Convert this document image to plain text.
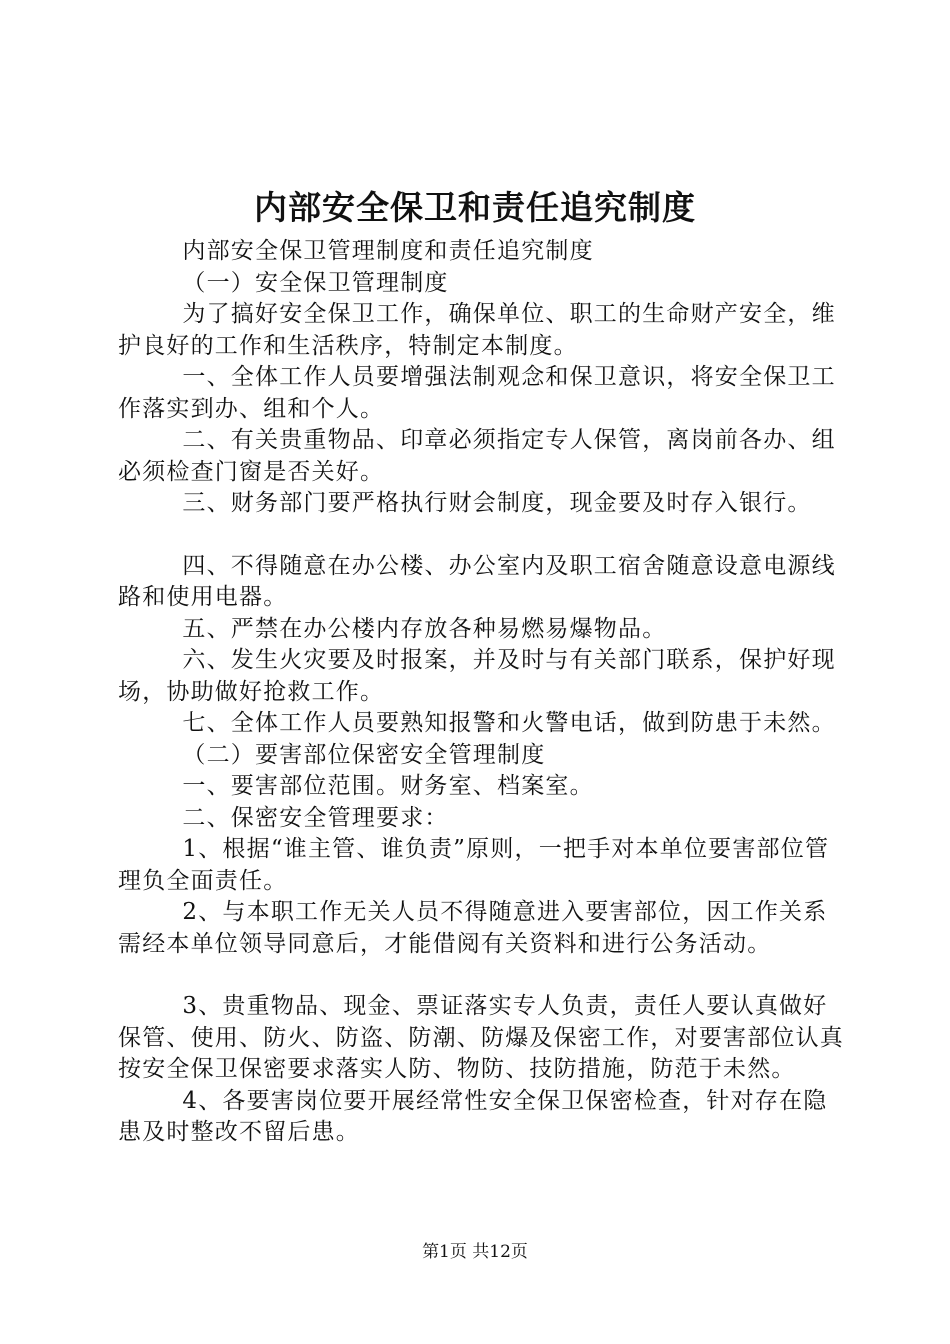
内部安全保卫和责任追究制度

内部安全保卫管理制度和责任追究制度

（一）安全保卫管理制度

为了搞好安全保卫工作，确保单位、职工的生命财产安全，维护良好的工作和生活秩序，特制定本制度。

一、全体工作人员要增强法制观念和保卫意识，将安全保卫工作落实到办、组和个人。

二、有关贵重物品、印章必须指定专人保管，离岗前各办、组必须检查门窗是否关好。

三、财务部门要严格执行财会制度，现金要及时存入银行。

四、不得随意在办公楼、办公室内及职工宿舍随意设意电源线路和使用电器。

五、严禁在办公楼内存放各种易燃易爆物品。

六、发生火灾要及时报案，并及时与有关部门联系，保护好现场，协助做好抢救工作。

七、全体工作人员要熟知报警和火警电话，做到防患于未然。

（二）要害部位保密安全管理制度

一、要害部位范围。财务室、档案室。

二、保密安全管理要求：

1、根据“谁主管、谁负责”原则，一把手对本单位要害部位管理负全面责任。

2、与本职工作无关人员不得随意进入要害部位，因工作关系需经本单位领导同意后，才能借阅有关资料和进行公务活动。

3、贵重物品、现金、票证落实专人负责，责任人要认真做好保管、使用、防火、防盗、防潮、防爆及保密工作，对要害部位认真按安全保卫保密要求落实人防、物防、技防措施，防范于未然。

4、各要害岗位要开展经常性安全保卫保密检查，针对存在隐患及时整改不留后患。

第1页 共12页
